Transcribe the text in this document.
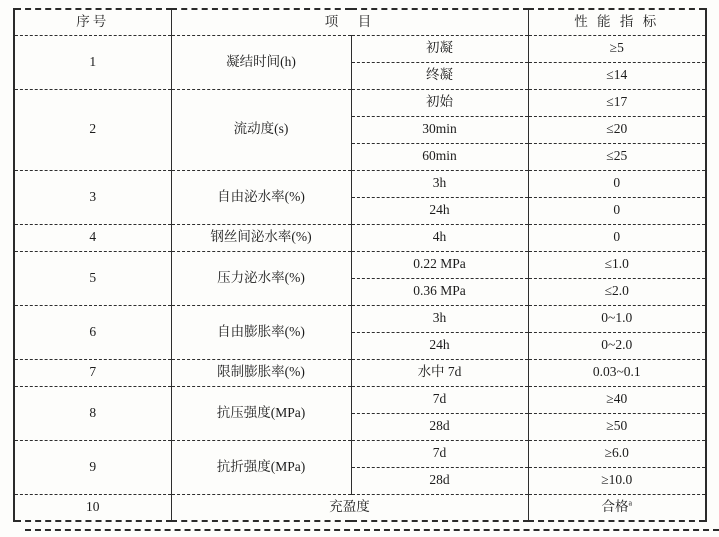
序号	项　目		性 能 指 标
1	凝结时间(h)	初凝	≥5
		终凝	≤14
2	流动度(s)	初始	≤17
		30min	≤20
		60min	≤25
3	自由泌水率(%)	3h	0
		24h	0
4	钢丝间泌水率(%)	4h	0
5	压力泌水率(%)	0.22 MPa	≤1.0
		0.36 MPa	≤2.0
6	自由膨胀率(%)	3h	0~1.0
		24h	0~2.0
7	限制膨胀率(%)	水中 7d	0.03~0.1
8	抗压强度(MPa)	7d	≥40
		28d	≥50
9	抗折强度(MPa)	7d	≥6.0
		28d	≥10.0
10	充盈度		合格$^a$
